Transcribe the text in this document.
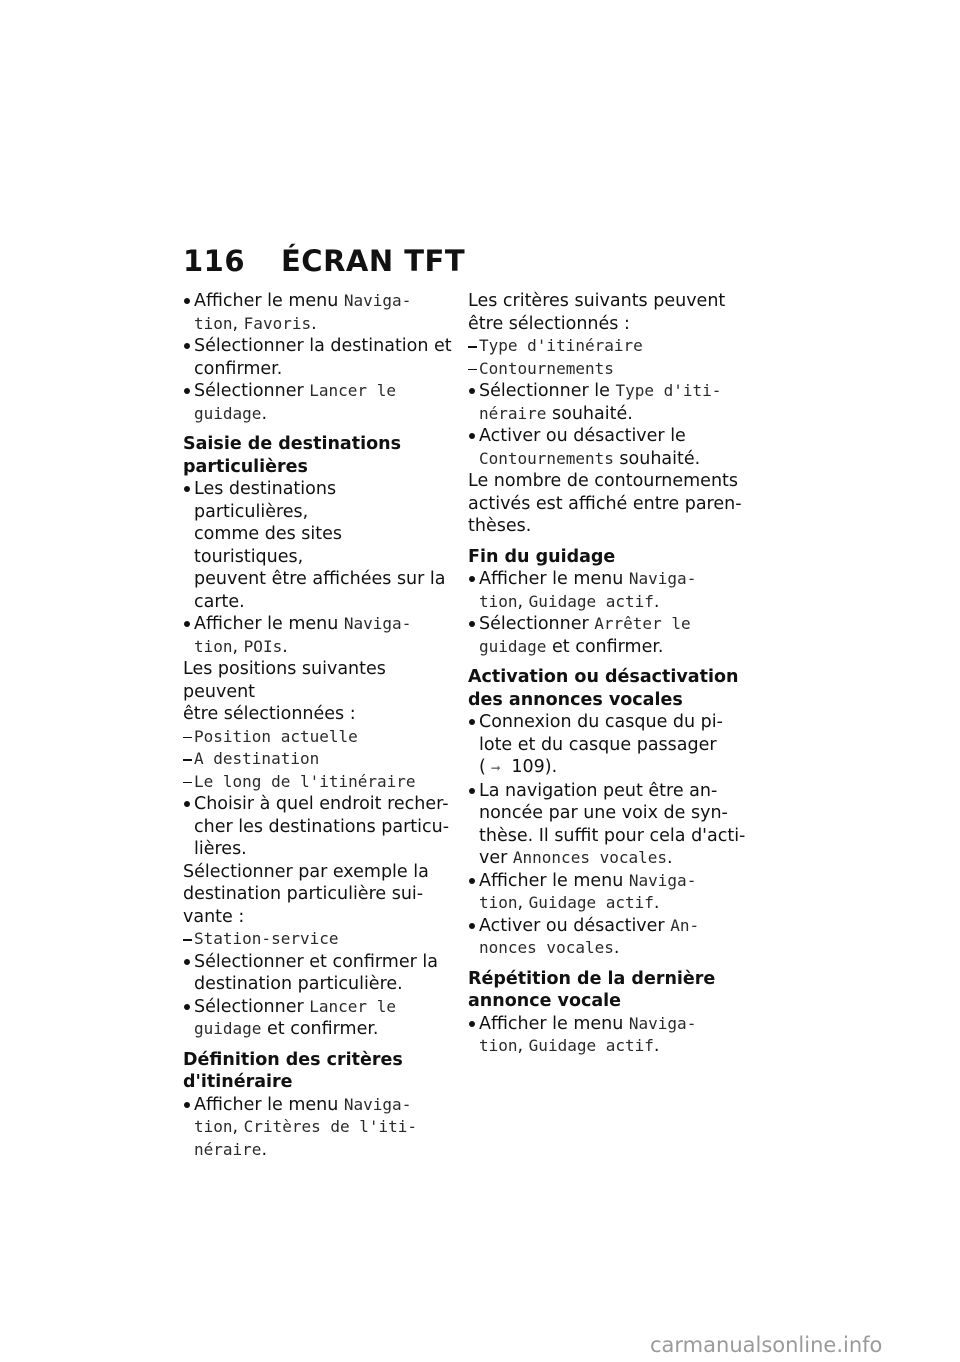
116 ÉCRAN TFT
Afficher le menu Naviga-
tion, Favoris.
Sélectionner la destination et
confirmer.
Sélectionner Lancer le
guidage.
Saisie de destinations
particulières
Les destinations particulières,
comme des sites touristiques,
peuvent être affichées sur la
carte.
Afficher le menu Naviga-
tion, POIs.
Les positions suivantes peuvent
être sélectionnées :
Position actuelle
A destination
Le long de l'itinéraire
Choisir à quel endroit recher-
cher les destinations particu-
lières.
Sélectionner par exemple la
destination particulière sui-
vante :
Station-service
Sélectionner et confirmer la
destination particulière.
Sélectionner Lancer le
guidage et confirmer.
Définition des critères
d'itinéraire
Afficher le menu Naviga-
tion, Critères de l'iti-
néraire.
Les critères suivants peuvent
être sélectionnés :
Type d'itinéraire
Contournements
Sélectionner le Type d'iti-
néraire souhaité.
Activer ou désactiver le
Contournements souhaité.
Le nombre de contournements
activés est affiché entre paren-
thèses.
Fin du guidage
Afficher le menu Naviga-
tion, Guidage actif.
Sélectionner Arrêter le
guidage et confirmer.
Activation ou désactivation
des annonces vocales
Connexion du casque du pi-
lote et du casque passager
( ➞ 109).
La navigation peut être an-
noncée par une voix de syn-
thèse. Il suffit pour cela d'acti-
ver Annonces vocales.
Afficher le menu Naviga-
tion, Guidage actif.
Activer ou désactiver An-
nonces vocales.
Répétition de la dernière
annonce vocale
Afficher le menu Naviga-
tion, Guidage actif.
carmanualsonline.info
